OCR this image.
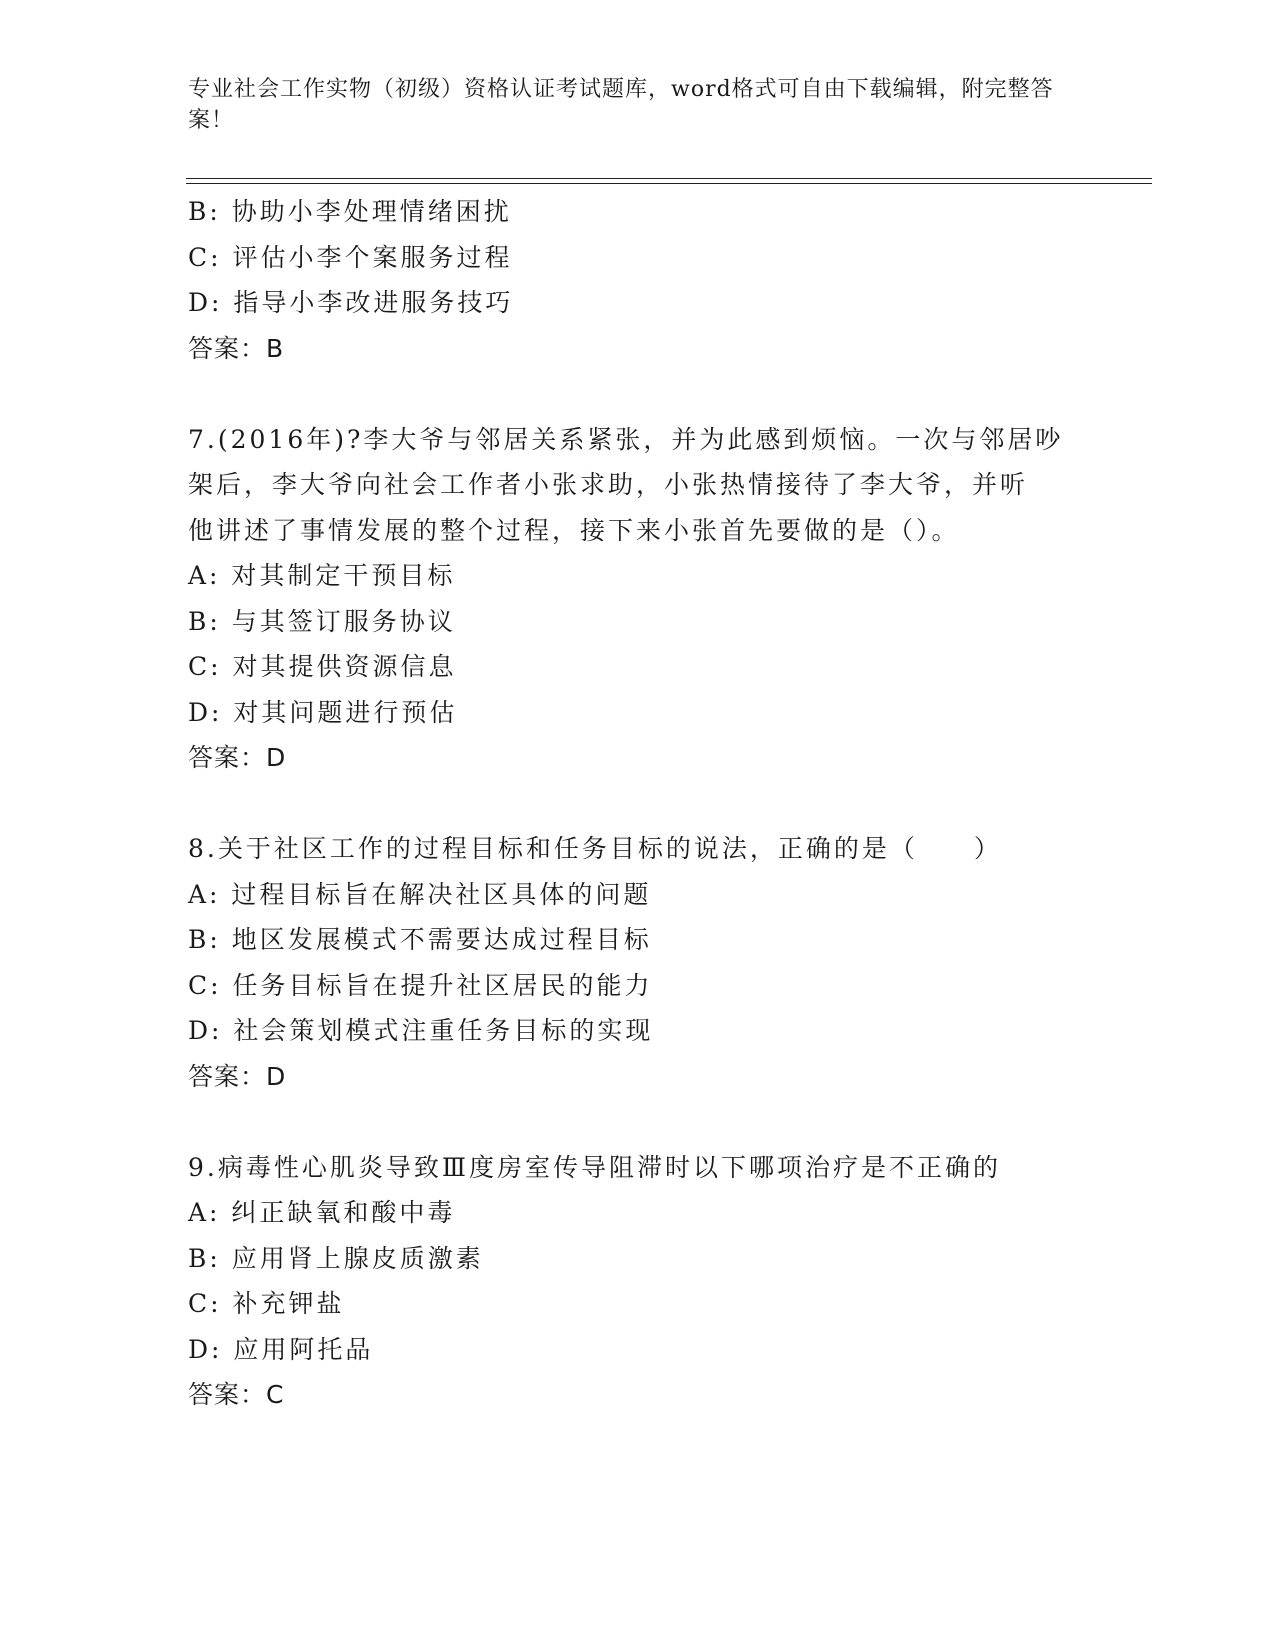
专业社会工作实物（初级）资格认证考试题库，word格式可自由下载编辑，附完整答案！
B: 协助小李处理情绪困扰
C: 评估小李个案服务过程
D: 指导小李改进服务技巧
答案：B
7.(2016年)?李大爷与邻居关系紧张，并为此感到烦恼。一次与邻居吵
架后，李大爷向社会工作者小张求助，小张热情接待了李大爷，并听
他讲述了事情发展的整个过程，接下来小张首先要做的是（）。
A: 对其制定干预目标
B: 与其签订服务协议
C: 对其提供资源信息
D: 对其问题进行预估
答案：D
8.关于社区工作的过程目标和任务目标的说法，正确的是（　　）
A: 过程目标旨在解决社区具体的问题
B: 地区发展模式不需要达成过程目标
C: 任务目标旨在提升社区居民的能力
D: 社会策划模式注重任务目标的实现
答案：D
9.病毒性心肌炎导致Ⅲ度房室传导阻滞时以下哪项治疗是不正确的
A: 纠正缺氧和酸中毒
B: 应用肾上腺皮质激素
C: 补充钾盐
D: 应用阿托品
答案：C
